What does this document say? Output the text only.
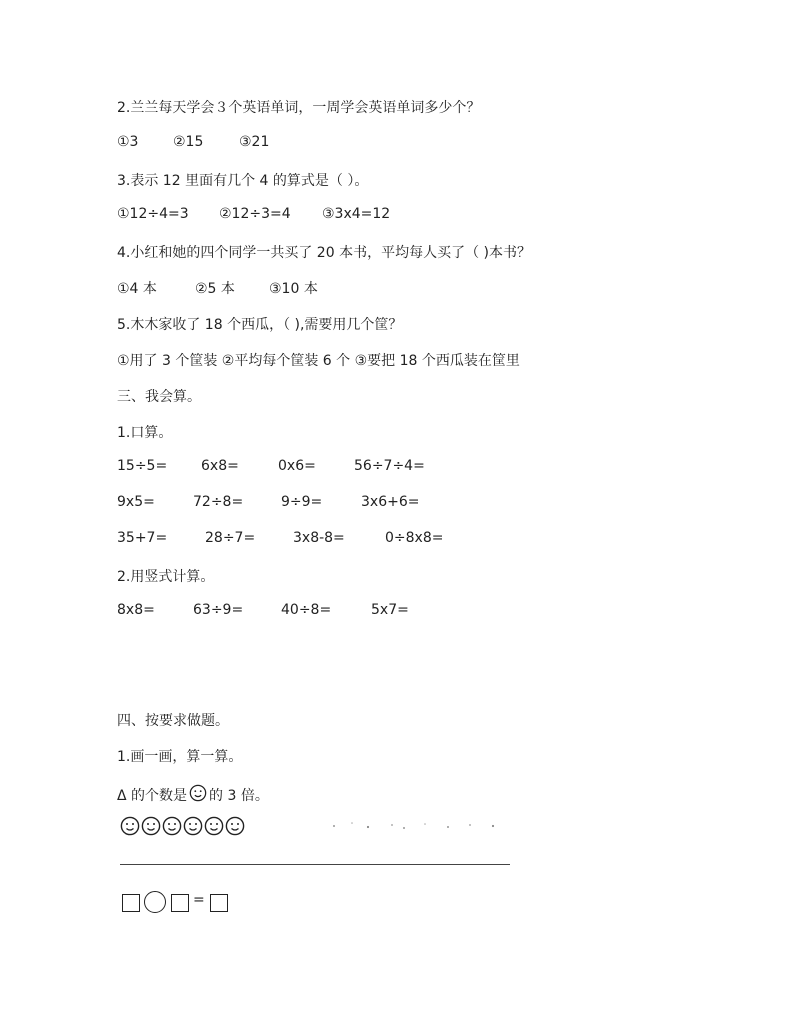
2.兰兰每天学会３个英语单词，一周学会英语单词多少个？
①3 ②15	③21
3.表示 12 里面有几个 4 的算式是（ ）。
①12÷4=3 ②12÷3=4 ③3x4=12
4.小红和她的四个同学一共买了 20 本书，平均每人买了（ )本书？
①4 本	②5 本 ③10 本
5.木木家收了 18 个西瓜，（ ),需要用几个筐？
①用了 3 个筐装 ②平均每个筐装 6 个 ③要把 18 个西瓜装在筐里
三、我会算。
1.口算。
15÷5= 6x8=	0x6=	56÷7÷4=
9x5=	72÷8=	9÷9=	3x6+6=
35+7=	28÷7=	3x8-8=	0÷8x8=
2.用竖式计算。
8x8=	63÷9=	40÷8=	5x7=
四、按要求做题。
1.画一画，算一算。
Δ 的个数是 的 3 倍。
=
